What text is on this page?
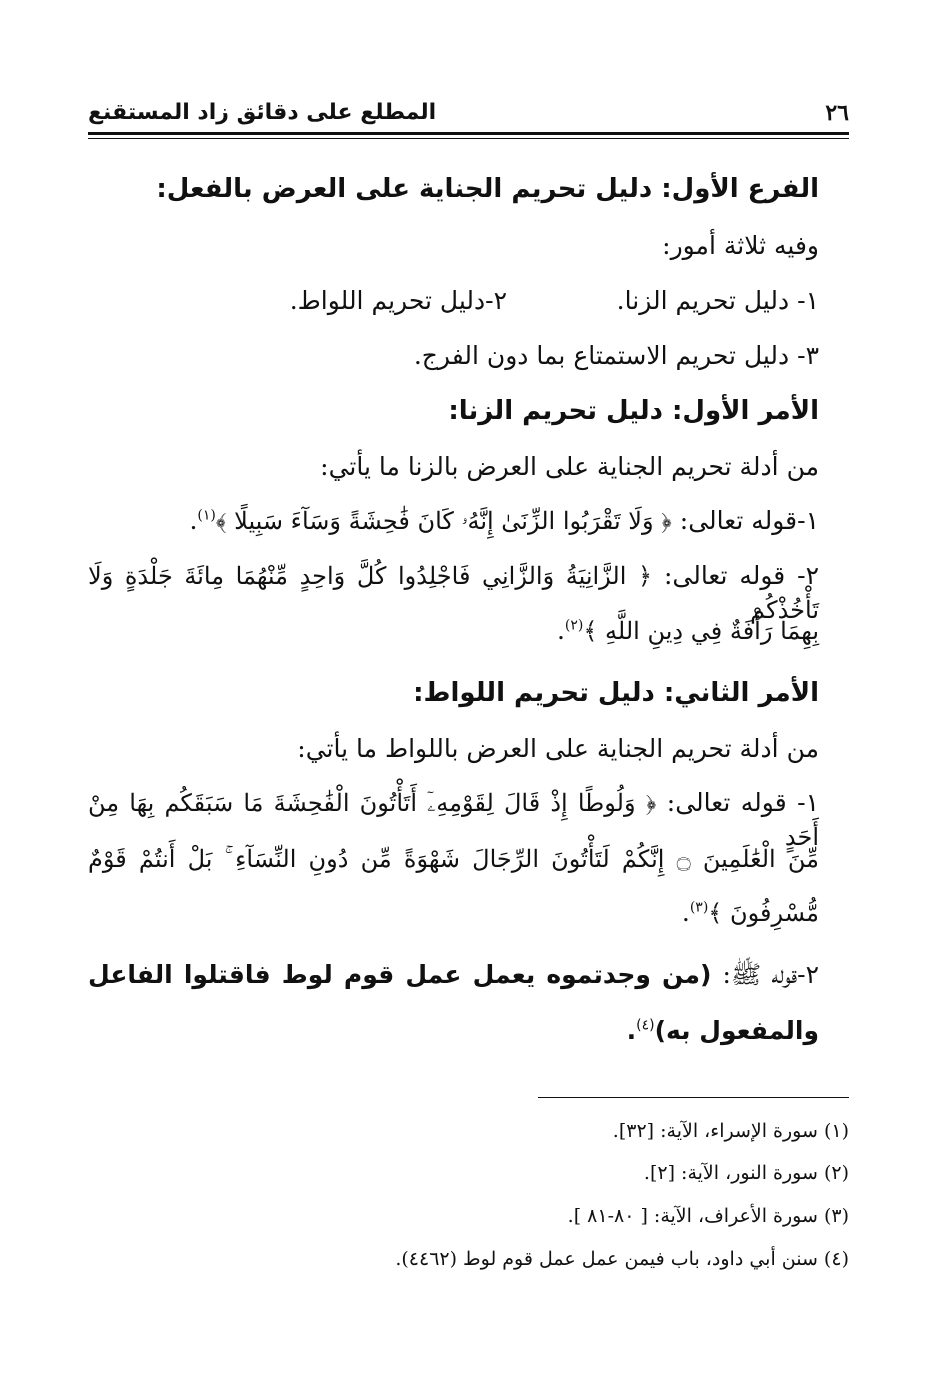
٢٦
المطلع على دقائق زاد المستقنع
الفرع الأول: دليل تحريم الجناية على العرض بالفعل:
وفيه ثلاثة أمور:
١- دليل تحريم الزنا.
٢-دليل تحريم اللواط.
٣- دليل تحريم الاستمتاع بما دون الفرج.
الأمر الأول: دليل تحريم الزنا:
من أدلة تحريم الجناية على العرض بالزنا ما يأتي:
١-قوله تعالى: ﴿ وَلَا تَقْرَبُوا الزِّنَىٰ إِنَّهُۥ كَانَ فَٰحِشَةً وَسَآءَ سَبِيلًا ﴾$^{(١)}$.
٢- قوله تعالى: ﴿ الزَّانِيَةُ وَالزَّانِي فَاجْلِدُوا كُلَّ وَاحِدٍ مِّنْهُمَا مِائَةَ جَلْدَةٍ وَلَا تَأْخُذْكُم
بِهِمَا رَأْفَةٌ فِي دِينِ اللَّهِ ﴾$^{(٢)}$.
الأمر الثاني: دليل تحريم اللواط:
من أدلة تحريم الجناية على العرض باللواط ما يأتي:
١- قوله تعالى: ﴿ وَلُوطًا إِذْ قَالَ لِقَوْمِهِۦٓ أَتَأْتُونَ الْفَٰحِشَةَ مَا سَبَقَكُم بِهَا مِنْ أَحَدٍ
مِّنَ الْعَٰلَمِينَ ۝ إِنَّكُمْ لَتَأْتُونَ الرِّجَالَ شَهْوَةً مِّن دُونِ النِّسَآءِ ۚ بَلْ أَنتُمْ قَوْمٌ
مُّسْرِفُونَ ﴾$^{(٣)}$.
٢-قوله ﷺ: (من وجدتموه يعمل عمل قوم لوط فاقتلوا الفاعل
والمفعول به)$^{(٤)}$.
(١) سورة الإسراء، الآية: [٣٢].
(٢) سورة النور، الآية: [٢].
(٣) سورة الأعراف، الآية: [ ٨٠-٨١ ].
(٤) سنن أبي داود، باب فيمن عمل عمل قوم لوط (٤٤٦٢).
